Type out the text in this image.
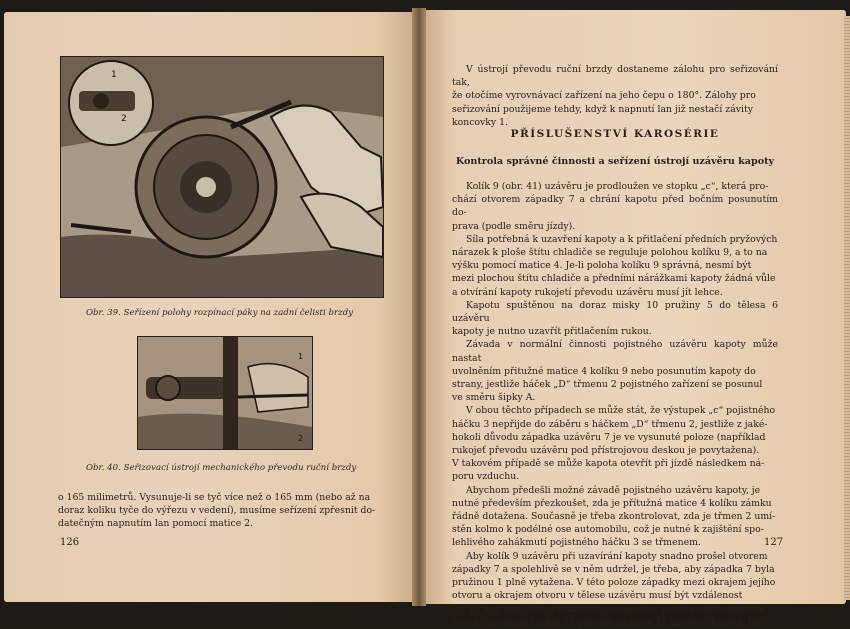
1
2
Obr. 39. Seřízení polohy rozpínací páky na zadní čelisti brzdy
1
2
Obr. 40. Seřizovací ústrojí mechanického převodu ruční brzdy

o 165 milimetrů. Vysunuje-li se tyč více než o 165 mm (nebo až na

doraz koliku tyče do výřezu v vedení), musíme seřízení zpřesnit do-

datečným napnutím lan pomocí matice 2.

126

V ústrojí převodu ruční brzdy dostaneme zálohu pro seřizování tak,

že otočíme vyrovnávací zařízení na jeho čepu o 180°. Zálohy pro

seřizování použijeme tehdy, když k napnutí lan již nestačí závity

koncovky 1.

PŘÍSLUŠENSTVÍ KAROSÉRIE
Kontrola správné činnosti a seřízení ústrojí uzávěru kapoty

Kolík 9 (obr. 41) uzávěru je prodloužen ve stopku „c“, která pro-

chází otvorem západky 7 a chrání kapotu před bočním posunutím do-

prava (podle směru jízdy).

Síla potřebná k uzavření kapoty a k přitlačení předních pryžových

nárazek k ploše štítu chladiče se reguluje polohou kolíku 9, a to na

výšku pomocí matice 4. Je-li poloha kolíku 9 správná, nesmí být

mezi plochou štítu chladiče a předními nárážkami kapoty žádná vůle

a otvírání kapoty rukojetí převodu uzávěru musí jít lehce.

Kapotu spuštěnou na doraz misky 10 pružiny 5 do tělesa 6 uzávěru

kapoty je nutno uzavřít přitlačením rukou.

Závada v normální činnosti pojistného uzávěru kapoty může nastat

uvolněním přitužné matice 4 kolíku 9 nebo posunutím kapoty do

strany, jestliže háček „D“ třmenu 2 pojistného zařízení se posunul

ve směru šipky A.

V obou těchto případech se může stát, že výstupek „c“ pojistného

háčku 3 nepřijde do záběru s háčkem „D“ třmenu 2, jestliže z jaké-

hokoli důvodu západka uzávěru 7 je ve vysunuté poloze (například

rukojeť převodu uzávěru pod přístrojovou deskou je povytažena).

V takovém případě se může kapota otevřít při jízdě následkem ná-

poru vzduchu.

Abychom předešli možné závadě pojistného uzávěru kapoty, je

nutné především přezkoušet, zda je přítužná matice 4 kolíku zámku

řádně dotažena. Současně je třeba zkontrolovat, zda je třmen 2 umí-

stěn kolmo k podélné ose automobilu, což je nutné k zajištění spo-

lehlivého zahákmutí pojistného háčku 3 se třmenem.

Aby kolík 9 uzávěru při uzavírání kapoty snadno prošel otvorem

západky 7 a spolehlivě se v něm udržel, je třeba, aby západka 7 byla

pružinou 1 plně vytažena. V této poloze západky mezi okrajem jejího

otvoru a okrajem otvoru v tělese uzávěru musí být vzdálenost

l = 15 + 1 mm. Tuto vzdálenost dostaneme, jestliže odšroubujeme

šroub, upevňující táhlo 11 příruby na páce 12 uzávěru kapoty. Jak-

127
